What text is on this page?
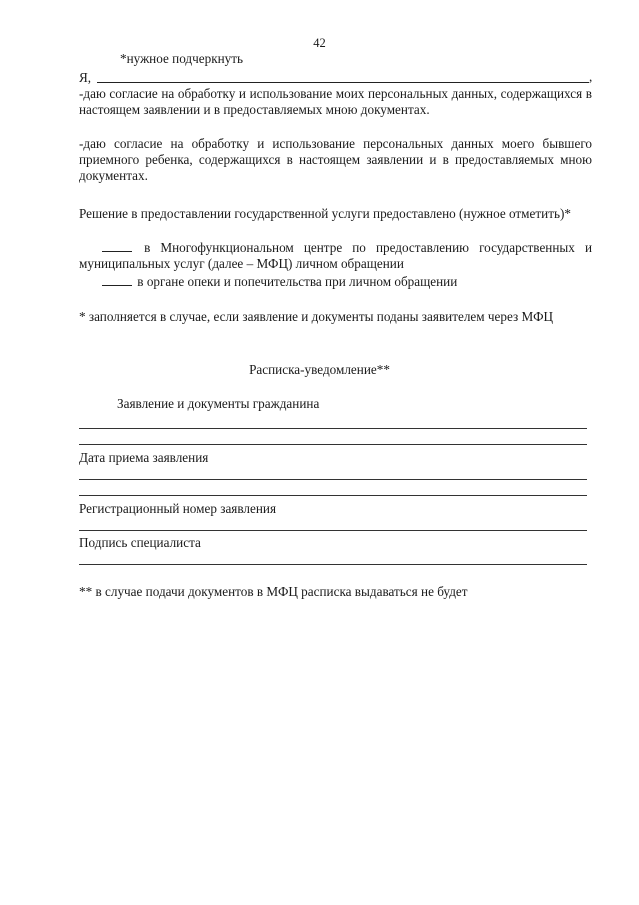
42
*нужное подчеркнуть
Я,	,
-даю согласие на обработку и использование моих персональных данных, содержащихся в настоящем заявлении и в предоставляемых мною документах.
-даю согласие на обработку и использование персональных данных моего бывшего приемного ребенка, содержащихся в настоящем заявлении и в предоставляемых мною документах.
Решение в предоставлении государственной услуги предоставлено (нужное отметить)*
в Многофункциональном центре по предоставлению государственных и муниципальных услуг (далее – МФЦ) личном обращении
в органе опеки и попечительства при личном обращении
* заполняется в случае, если заявление и документы поданы заявителем через МФЦ
Расписка-уведомление**
Заявление и документы гражданина
Дата приема заявления
Регистрационный номер заявления
Подпись специалиста
** в случае подачи документов в МФЦ расписка выдаваться не будет
